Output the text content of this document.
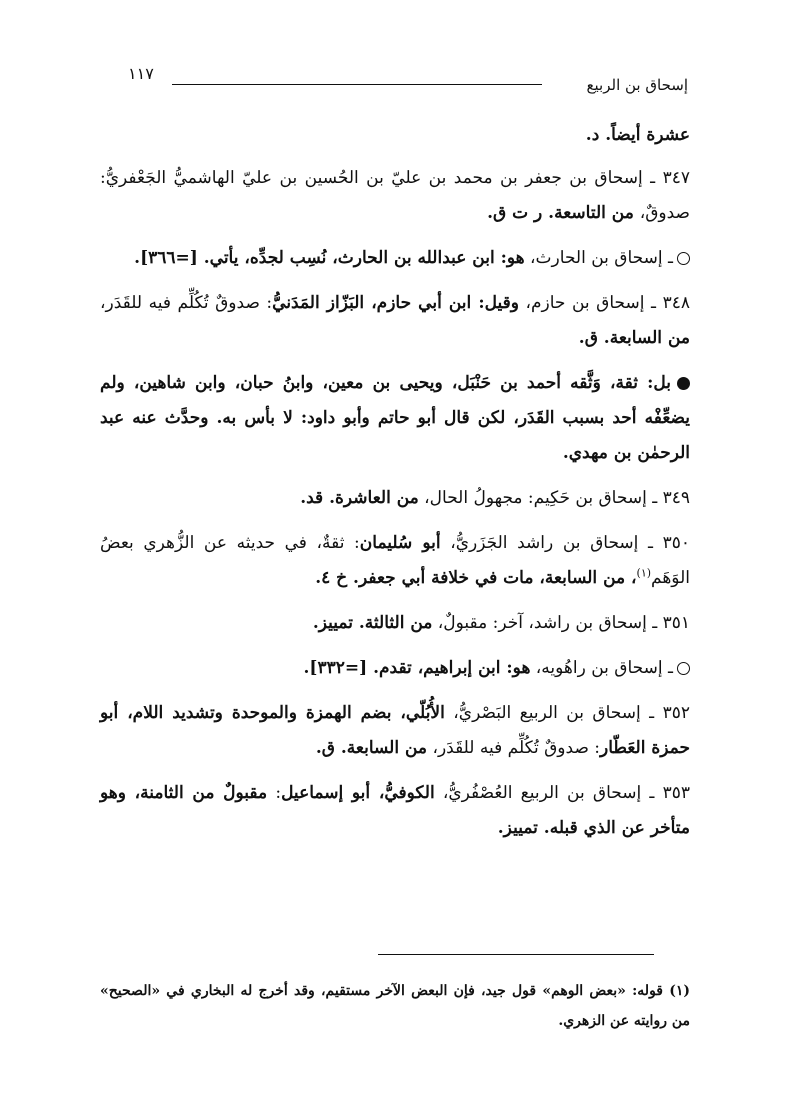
١١٧
إسحاق بن الربيع

عشرة أيضاً. د.

٣٤٧ ـ إسحاق بن جعفر بن محمد بن عليّ بن الحُسين بن عليّ الهاشميُّ الجَعْفريُّ: صدوقٌ، من التاسعة. ر ت ق.

ـ إسحاق بن الحارث، هو: ابن عبدالله بن الحارث، نُسِب لجدِّه، يأتي. [=٣٦٦].

٣٤٨ ـ إسحاق بن حازم، وقيل: ابن أبي حازم، البَزّاز المَدَنيُّ: صدوقٌ تُكُلِّم فيه للقَدَر، من السابعة. ق.

بل: ثقة، وَثَّقه أحمد بن حَنْبَل، ويحيى بن معين، وابنُ حبان، وابن شاهين، ولم يضعِّفْه أحد بسبب القَدَر، لكن قال أبو حاتم وأبو داود: لا بأس به. وحدَّث عنه عبد الرحمٰن بن مهدي.

٣٤٩ ـ إسحاق بن حَكِيم: مجهولُ الحال، من العاشرة. قد.

٣٥٠ ـ إسحاق بن راشد الجَزَريُّ، أبو سُليمان: ثقةٌ، في حديثه عن الزُّهري بعضُ الوَهَم$^{(١)}$، من السابعة، مات في خلافة أبي جعفر. خ ٤.

٣٥١ ـ إسحاق بن راشد، آخر: مقبولٌ، من الثالثة. تمييز.

ـ إسحاق بن راهُويه، هو: ابن إبراهيم، تقدم. [=٣٣٢].

٣٥٢ ـ إسحاق بن الربيع البَصْريُّ، الأُبُلّي، بضم الهمزة والموحدة وتشديد اللام، أبو حمزة العَطّار: صدوقٌ تُكُلِّم فيه للقَدَر، من السابعة. ق.

٣٥٣ ـ إسحاق بن الربيع العُصْفُريُّ، الكوفيُّ، أبو إسماعيل: مقبولٌ من الثامنة، وهو متأخر عن الذي قبله. تمييز.

(١) قوله: «بعض الوهم» قول جيد، فإن البعض الآخر مستقيم، وقد أخرج له البخاري في «الصحيح» من روايته عن الزهري.
